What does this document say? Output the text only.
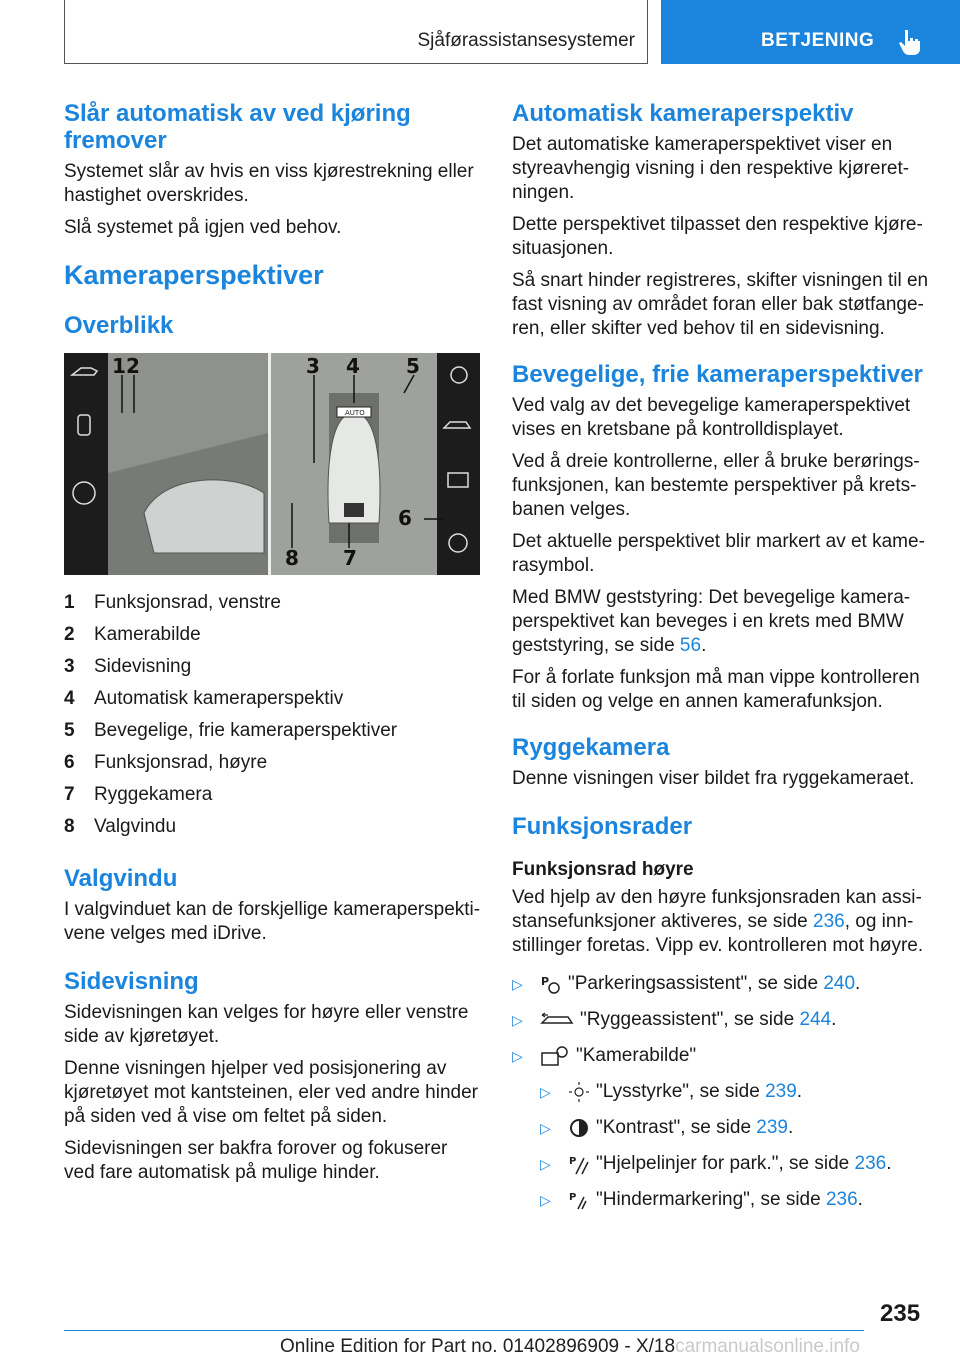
Sjåførassistansesystemer	BETJENING
Slår automatisk av ved kjøring fremover

Systemet slår av hvis en viss kjørestrekning eller hastighet overskrides.

Slå systemet på igjen ved behov.

Kameraperspektiver
Overblikk
AUTO
1 2	3 4 5
6
7
8
1 Funksjonsrad, venstre
2 Kamerabilde
3 Sidevisning
4 Automatisk kameraperspektiv
5 Bevegelige, frie kameraperspektiver
6 Funksjonsrad, høyre
7 Ryggekamera
8 Valgvindu
Valgvindu

I valgvinduet kan de forskjellige kameraperspektivene velges med iDrive.

Sidevisning

Sidevisningen kan velges for høyre eller venstre side av kjøretøyet.

Denne visningen hjelper ved posisjonering av kjøretøyet mot kantsteinen, eler ved andre hinder på siden ved å vise om feltet på siden.

Sidevisningen ser bakfra forover og fokuserer ved fare automatisk på mulige hinder.

Automatisk kameraperspektiv

Det automatiske kameraperspektivet viser en styreavhengig visning i den respektive kjøreretningen.

Dette perspektivet tilpasset den respektive kjøresituasjonen.

Så snart hinder registreres, skifter visningen til en fast visning av området foran eller bak støtfangeren, eller skifter ved behov til en sidevisning.

Bevegelige, frie kameraperspektiver

Ved valg av det bevegelige kameraperspektivet vises en kretsbane på kontrolldisplayet.

Ved å dreie kontrollerne, eller å bruke berøringsfunksjonen, kan bestemte perspektiver på kretsbanen velges.

Det aktuelle perspektivet blir markert av et kamerasymbol.

Med BMW geststyring: Det bevegelige kameraperspektivet kan beveges i en krets med BMW geststyring, se side 56.

For å forlate funksjon må man vippe kontrolleren til siden og velge en annen kamerafunksjon.

Ryggekamera

Denne visningen viser bildet fra ryggekameraet.

Funksjonsrader
Funksjonsrad høyre

Ved hjelp av den høyre funksjonsraden kan assistansefunksjoner aktiveres, se side 236, og innstillinger foretas. Vipp ev. kontrolleren mot høyre.

▷ P "Parkeringsassistent", se side 240.
▷	"Ryggeassistent", se side 244.
▷	"Kamerabilde"
▷ "Lysstyrke", se side 239.
▷ "Kontrast", se side 239.
▷ P "Hjelpelinjer for park.", se side 236.
▷ P "Hindermarkering", se side 236.
235
Online Edition for Part no. 01402896909 - X/18carmanualsonline.info
